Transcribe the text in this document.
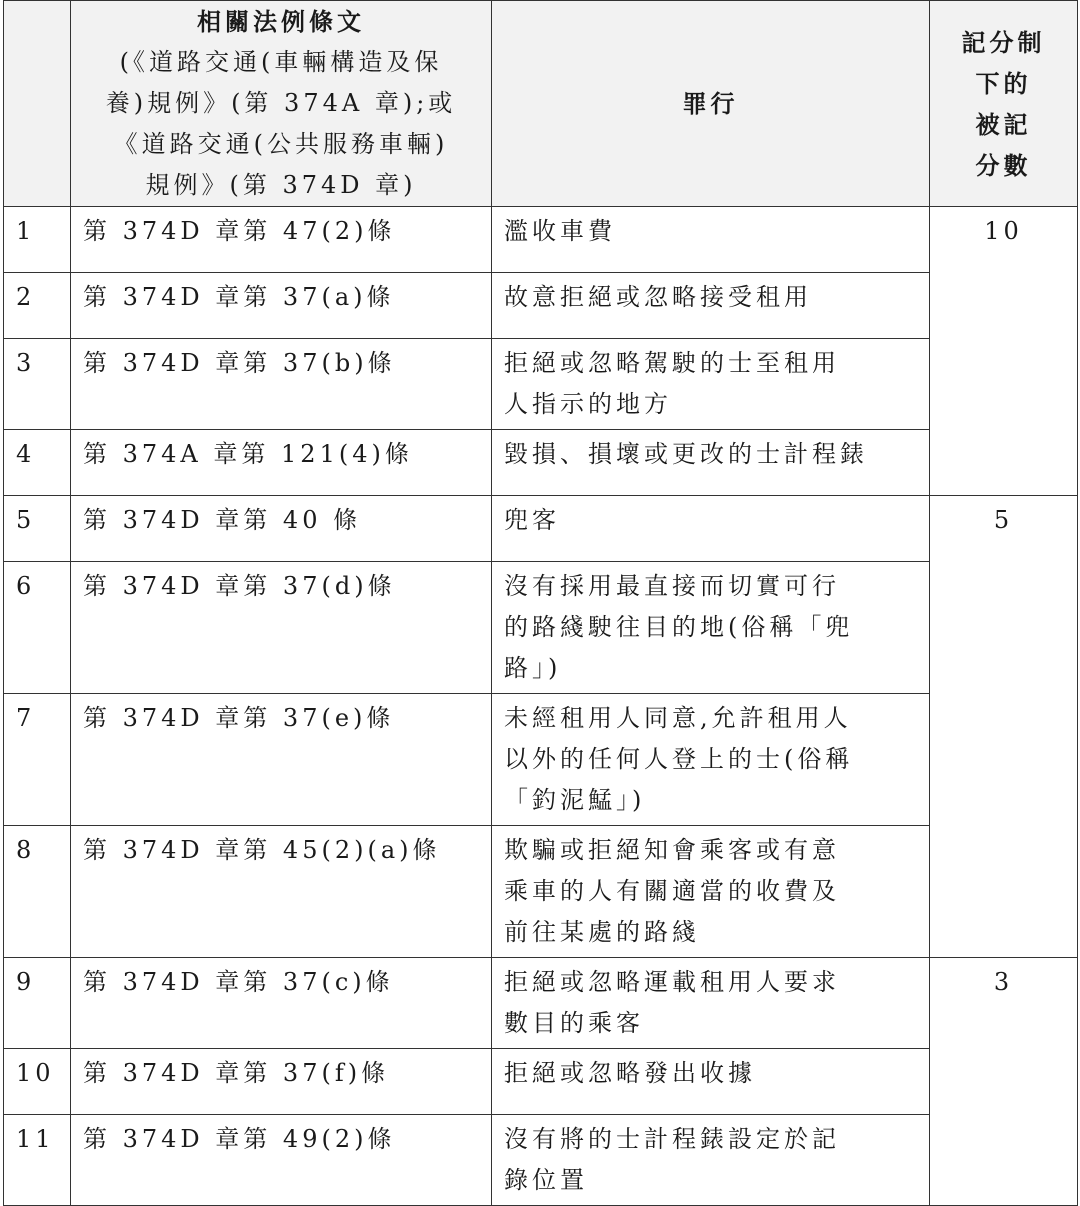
	相關法例條文
(《道路交通(車輛構造及保
養)規例》(第 374A 章);或
《道路交通(公共服務車輛)
規例》(第 374D 章)	罪行	記分制
下的
被記
分數

1	第 374D 章第 47(2)條	濫收車費	10
2	第 374D 章第 37(a)條	故意拒絕或忽略接受租用	

3	第 374D 章第 37(b)條	拒絕或忽略駕駛的士至租用
人指示的地方	

4	第 374A 章第 121(4)條	毀損、損壞或更改的士計程錶	

5	第 374D 章第 40 條	兜客	5
6	第 374D 章第 37(d)條	沒有採用最直接而切實可行
的路綫駛往目的地(俗稱「兜
路」)	

7	第 374D 章第 37(e)條	未經租用人同意,允許租用人
以外的任何人登上的士(俗稱
「釣泥鯭」)	

8	第 374D 章第 45(2)(a)條	欺騙或拒絕知會乘客或有意
乘車的人有關適當的收費及
前往某處的路綫	

9	第 374D 章第 37(c)條	拒絕或忽略運載租用人要求
數目的乘客	3
10	第 374D 章第 37(f)條	拒絕或忽略發出收據	

11	第 374D 章第 49(2)條	沒有將的士計程錶設定於記
錄位置	
